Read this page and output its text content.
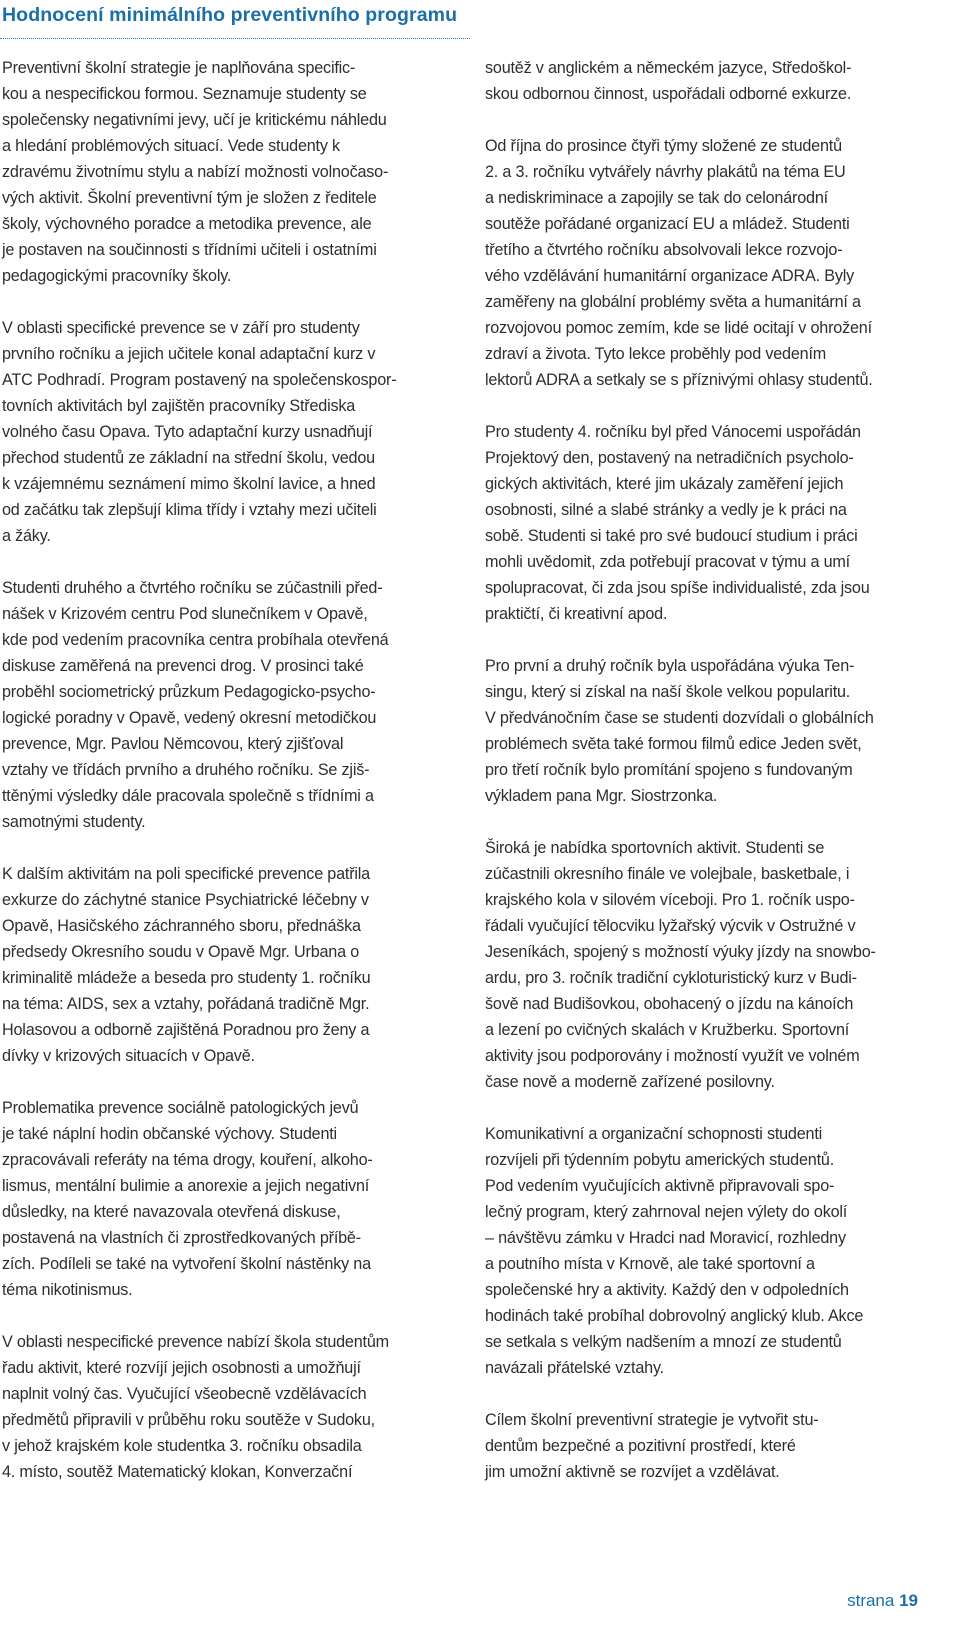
Hodnocení minimálního preventivního programu

Preventivní školní strategie je naplňována specific-
kou a nespecifickou formou. Seznamuje studenty se
společensky negativními jevy, učí je kritickému náhledu
a hledání problémových situací. Vede studenty k
zdravému životnímu stylu a nabízí možnosti volnočaso-
vých aktivit. Školní preventivní tým je složen z ředitele
školy, výchovného poradce a metodika prevence, ale
je postaven na součinnosti s třídními učiteli i ostatními
pedagogickými pracovníky školy.

V oblasti specifické prevence se v září pro studenty
prvního ročníku a jejich učitele konal adaptační kurz v
ATC Podhradí. Program postavený na společenskospor-
tovních aktivitách byl zajištěn pracovníky Střediska
volného času Opava. Tyto adaptační kurzy usnadňují
přechod studentů ze základní na střední školu, vedou
k vzájemnému seznámení mimo školní lavice, a hned
od začátku tak zlepšují klima třídy i vztahy mezi učiteli
a žáky.

Studenti druhého a čtvrtého ročníku se zúčastnili před-
nášek v Krizovém centru Pod slunečníkem v Opavě,
kde pod vedením pracovníka centra probíhala otevřená
diskuse zaměřená na prevenci drog. V prosinci také
proběhl sociometrický průzkum Pedagogicko-psycho-
logické poradny v Opavě, vedený okresní metodičkou
prevence, Mgr. Pavlou Němcovou, který zjišťoval
vztahy ve třídách prvního a druhého ročníku. Se zjiš-
ttěnými výsledky dále pracovala společně s třídními a
samotnými studenty.

K dalším aktivitám na poli specifické prevence patřila
exkurze do záchytné stanice Psychiatrické léčebny v
Opavě, Hasičského záchranného sboru, přednáška
předsedy Okresního soudu v Opavě Mgr. Urbana o
kriminalitě mládeže a beseda pro studenty 1. ročníku
na téma: AIDS, sex a vztahy, pořádaná tradičně Mgr.
Holasovou a odborně zajištěná Poradnou pro ženy a
dívky v krizových situacích v Opavě.

Problematika prevence sociálně patologických jevů
je také náplní hodin občanské výchovy. Studenti
zpracovávali referáty na téma drogy, kouření, alkoho-
lismus, mentální bulimie a anorexie a jejich negativní
důsledky, na které navazovala otevřená diskuse,
postavená na vlastních či zprostředkovaných příbě-
zích. Podíleli se také na vytvoření školní nástěnky na
téma nikotinismus.

V oblasti nespecifické prevence nabízí škola studentům
řadu aktivit, které rozvíjí jejich osobnosti a umožňují
naplnit volný čas. Vyučující všeobecně vzdělávacích
předmětů připravili v průběhu roku soutěže v Sudoku,
v jehož krajském kole studentka 3. ročníku obsadila
4. místo, soutěž Matematický klokan, Konverzační

soutěž v anglickém a německém jazyce, Středoškol-
skou odbornou činnost, uspořádali odborné exkurze.

Od října do prosince čtyři týmy složené ze studentů
2. a 3. ročníku vytvářely návrhy plakátů na téma EU
a nediskriminace a zapojily se tak do celonárodní
soutěže pořádané organizací EU a mládež. Studenti
třetího a čtvrtého ročníku absolvovali lekce rozvojo-
vého vzdělávání humanitární organizace ADRA. Byly
zaměřeny na globální problémy světa a humanitární a
rozvojovou pomoc zemím, kde se lidé ocitají v ohrožení
zdraví a života. Tyto lekce proběhly pod vedením
lektorů ADRA a setkaly se s příznivými ohlasy studentů.

Pro studenty 4. ročníku byl před Vánocemi uspořádán
Projektový den, postavený na netradičních psycholo-
gických aktivitách, které jim ukázaly zaměření jejich
osobnosti, silné a slabé stránky a vedly je k práci na
sobě. Studenti si také pro své budoucí studium i práci
mohli uvědomit, zda potřebují pracovat v týmu a umí
spolupracovat, či zda jsou spíše individualisté, zda jsou
praktičtí, či kreativní apod.

Pro první a druhý ročník byla uspořádána výuka Ten-
singu, který si získal na naší škole velkou popularitu.
V předvánočním čase se studenti dozvídali o globálních
problémech světa také formou filmů edice Jeden svět,
pro třetí ročník bylo promítání spojeno s fundovaným
výkladem pana Mgr. Siostrzonka.

Široká je nabídka sportovních aktivit. Studenti se
zúčastnili okresního finále ve volejbale, basketbale, i
krajského kola v silovém víceboji. Pro 1. ročník uspo-
řádali vyučující tělocviku lyžařský výcvik v Ostružné v
Jeseníkách, spojený s možností výuky jízdy na snowbo-
ardu, pro 3. ročník tradiční cykloturistický kurz v Budi-
šově nad Budišovkou, obohacený o jízdu na kánoích
a lezení po cvičných skalách v Kružberku. Sportovní
aktivity jsou podporovány i možností využít ve volném
čase nově a moderně zařízené posilovny.

Komunikativní a organizační schopnosti studenti
rozvíjeli při týdenním pobytu amerických studentů.
Pod vedením vyučujících aktivně připravovali spo-
lečný program, který zahrnoval nejen výlety do okolí
– návštěvu zámku v Hradci nad Moravicí, rozhledny
a poutního místa v Krnově, ale také sportovní a
společenské hry a aktivity. Každý den v odpoledních
hodinách také probíhal dobrovolný anglický klub. Akce
se setkala s velkým nadšením a mnozí ze studentů
navázali přátelské vztahy.

Cílem školní preventivní strategie je vytvořit stu-
dentům bezpečné a pozitivní prostředí, které
jim umožní aktivně se rozvíjet a vzdělávat.

strana 19
